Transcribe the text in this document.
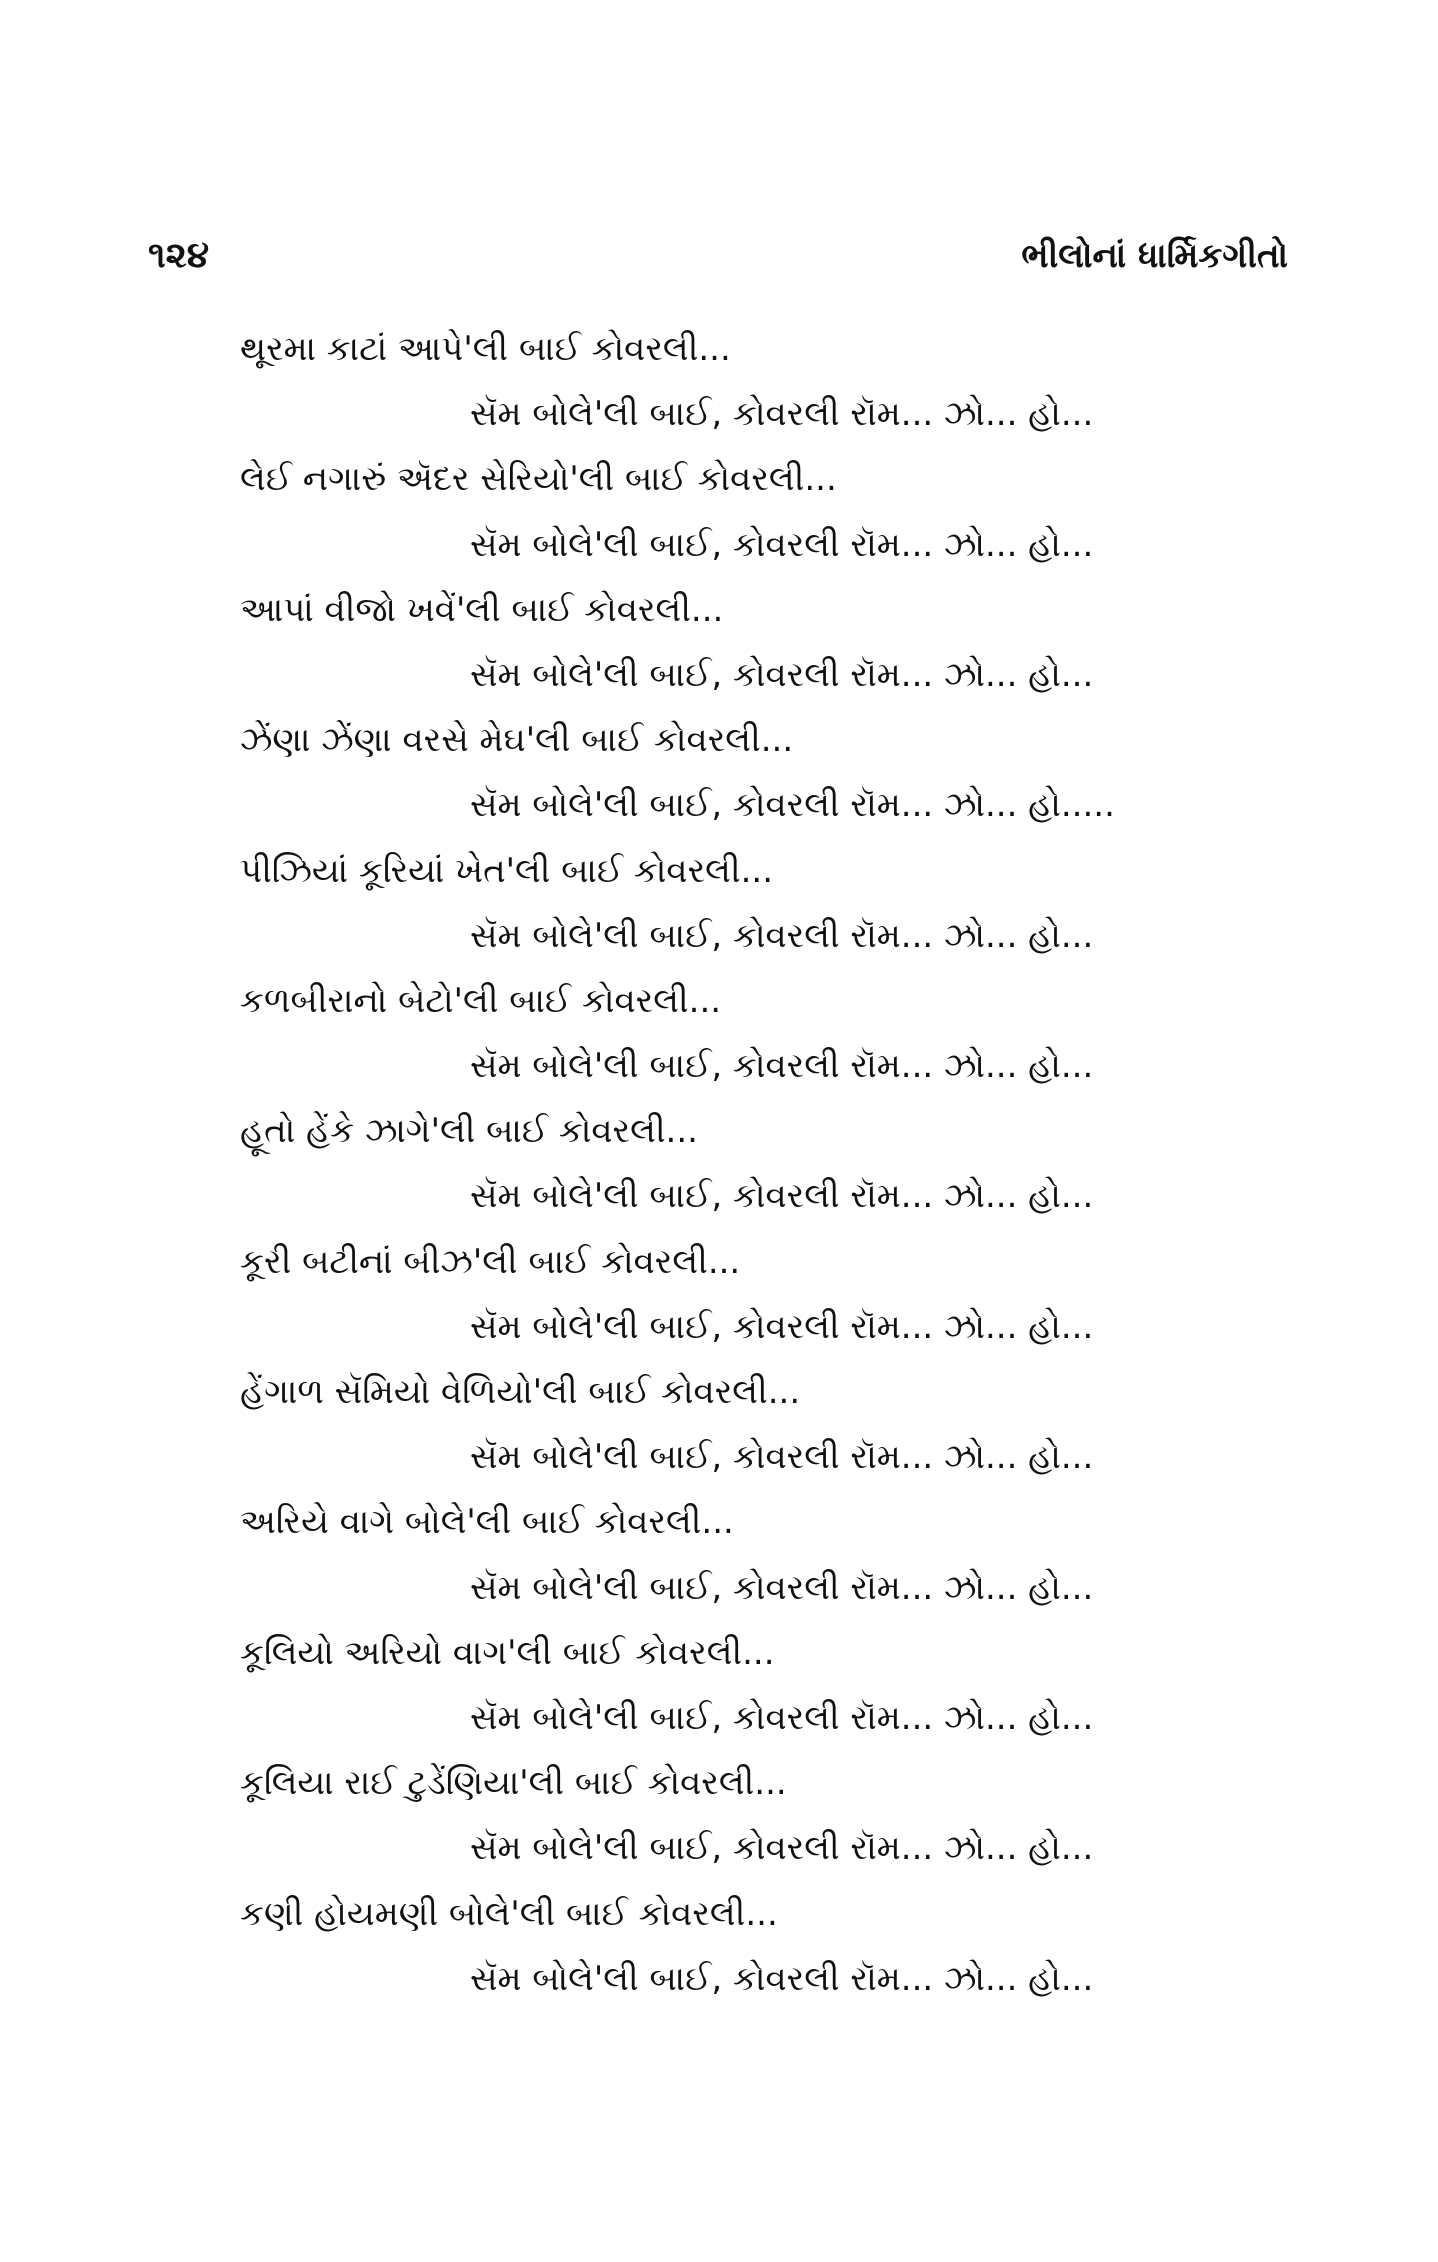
૧૨૪	ભીલોનાં ધાર્મિકગીતો
થૂરમા કાટાં આપે'લી બાઈ કોવરલી...
સૅમ બોલે'લી બાઈ, કોવરલી રૉમ... ઝો... હો...
લેઈ નગારું ઍદર સેરિયો'લી બાઈ કોવરલી...
સૅમ બોલે'લી બાઈ, કોવરલી રૉમ... ઝો... હો...
આપાં વીજો ખવેં'લી બાઈ કોવરલી...
સૅમ બોલે'લી બાઈ, કોવરલી રૉમ... ઝો... હો...
ઝેંણા ઝેંણા વરસે મેઘ'લી બાઈ કોવરલી...
સૅમ બોલે'લી બાઈ, કોવરલી રૉમ... ઝો... હો.....
પીઝિયાં કૂરિયાં ખેત'લી બાઈ કોવરલી...
સૅમ બોલે'લી બાઈ, કોવરલી રૉમ... ઝો... હો...
કળબીરાનો બેટો'લી બાઈ કોવરલી...
સૅમ બોલે'લી બાઈ, કોવરલી રૉમ... ઝો... હો...
હૂતો હેંકે ઝાગે'લી બાઈ કોવરલી...
સૅમ બોલે'લી બાઈ, કોવરલી રૉમ... ઝો... હો...
કૂરી બટીનાં બીઝ'લી બાઈ કોવરલી...
સૅમ બોલે'લી બાઈ, કોવરલી રૉમ... ઝો... હો...
હેંગાળ સૅમિયો વેળિયો'લી બાઈ કોવરલી...
સૅમ બોલે'લી બાઈ, કોવરલી રૉમ... ઝો... હો...
અરિયે વાગે બોલે'લી બાઈ કોવરલી...
સૅમ બોલે'લી બાઈ, કોવરલી રૉમ... ઝો... હો...
કૂલિયો અરિયો વાગ'લી બાઈ કોવરલી...
સૅમ બોલે'લી બાઈ, કોવરલી રૉમ... ઝો... હો...
કૂલિયા રાઈ ટુડેંણિયા'લી બાઈ કોવરલી...
સૅમ બોલે'લી બાઈ, કોવરલી રૉમ... ઝો... હો...
કણી હોયમણી બોલે'લી બાઈ કોવરલી...
સૅમ બોલે'લી બાઈ, કોવરલી રૉમ... ઝો... હો...
